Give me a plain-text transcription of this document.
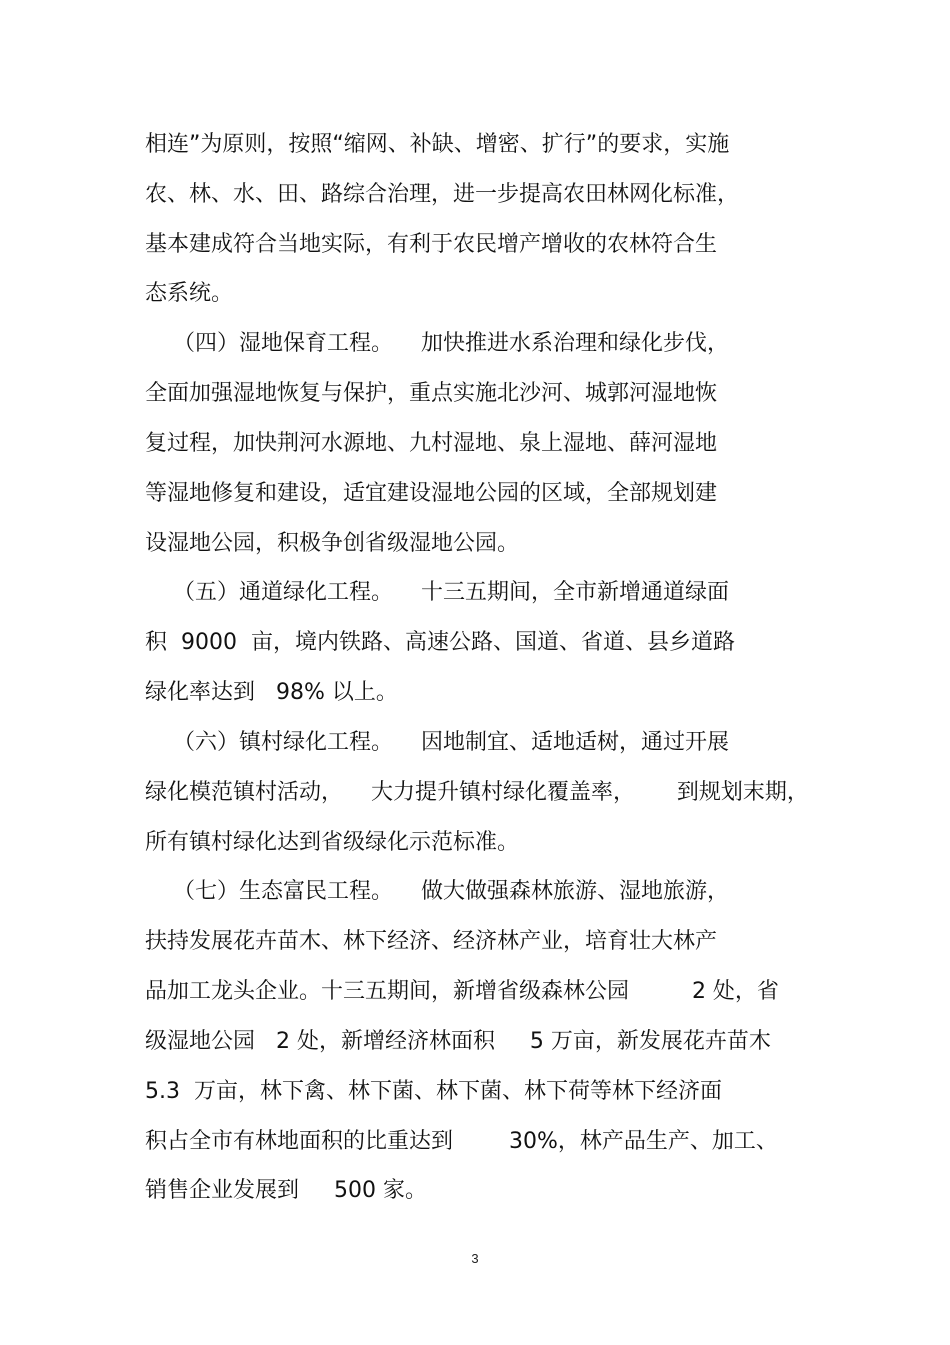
相连”为原则，按照“缩网、补缺、增密、扩行”的要求，实施

农、林、水、田、路综合治理，进一步提高农田林网化标准，

基本建成符合当地实际，有利于农民增产增收的农林符合生

态系统。

（四）湿地保育工程。    加快推进水系治理和绿化步伐，

全面加强湿地恢复与保护，重点实施北沙河、城郭河湿地恢

复过程，加快荆河水源地、九村湿地、泉上湿地、薛河湿地

等湿地修复和建设，适宜建设湿地公园的区域，全部规划建

设湿地公园，积极争创省级湿地公园。

（五）通道绿化工程。    十三五期间，全市新增通道绿面

积  9000  亩，境内铁路、高速公路、国道、省道、县乡道路

绿化率达到   98% 以上。

（六）镇村绿化工程。    因地制宜、适地适树，通过开展

绿化模范镇村活动，    大力提升镇村绿化覆盖率，      到规划末期，

所有镇村绿化达到省级绿化示范标准。

（七）生态富民工程。    做大做强森林旅游、湿地旅游，

扶持发展花卉苗木、林下经济、经济林产业，培育壮大林产

品加工龙头企业。十三五期间，新增省级森林公园         2 处，省

级湿地公园   2 处，新增经济林面积     5 万亩，新发展花卉苗木

5.3  万亩，林下禽、林下菌、林下菌、林下荷等林下经济面

积占全市有林地面积的比重达到        30%，林产品生产、加工、

销售企业发展到     500 家。

3
